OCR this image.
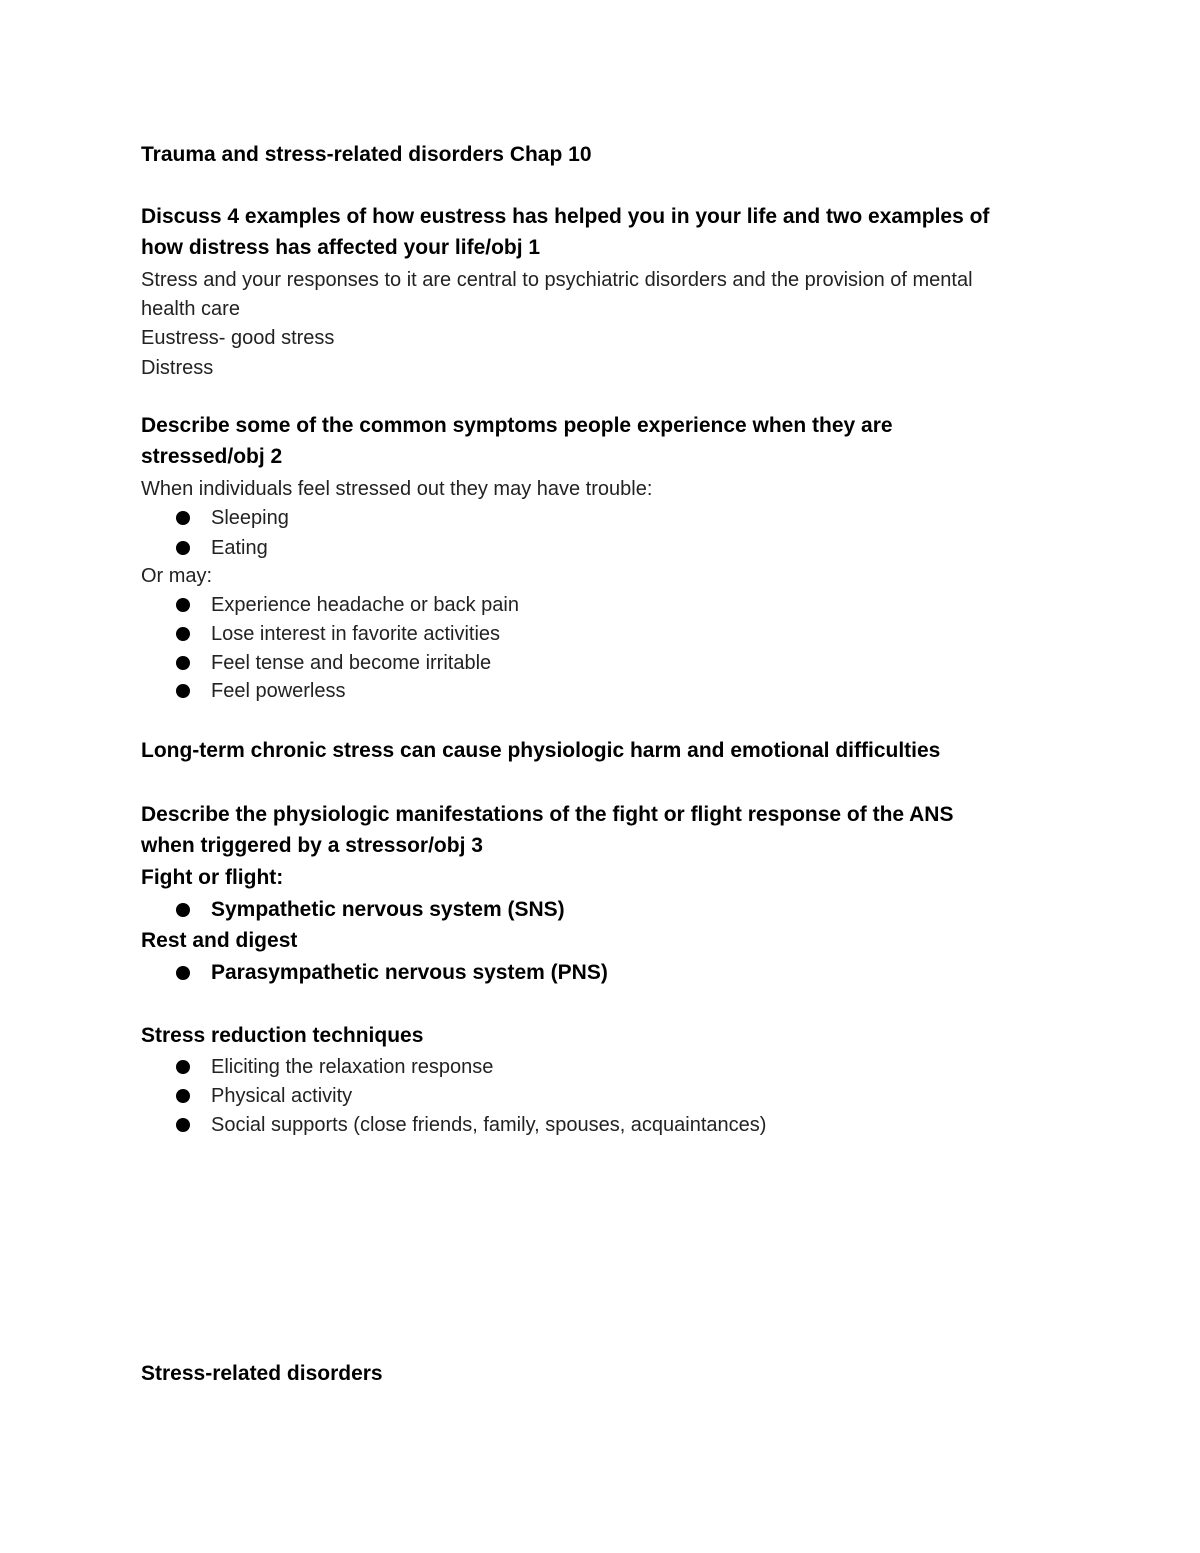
Trauma and stress-related disorders Chap 10

Discuss 4 examples of how eustress has helped you in your life and two examples of

how distress has affected your life/obj 1

Stress and your responses to it are central to psychiatric disorders and the provision of mental

health care

Eustress- good stress

Distress

Describe some of the common symptoms people experience when they are

stressed/obj 2

When individuals feel stressed out they may have trouble:

Sleeping
Eating

Or may:

Experience headache or back pain
Lose interest in favorite activities
Feel tense and become irritable
Feel powerless

Long-term chronic stress can cause physiologic harm and emotional difficulties

Describe the physiologic manifestations of the fight or flight response of the ANS

when triggered by a stressor/obj 3

Fight or flight:

Sympathetic nervous system (SNS)

Rest and digest

Parasympathetic nervous system (PNS)

Stress reduction techniques

Eliciting the relaxation response
Physical activity
Social supports (close friends, family, spouses, acquaintances)

Stress-related disorders
